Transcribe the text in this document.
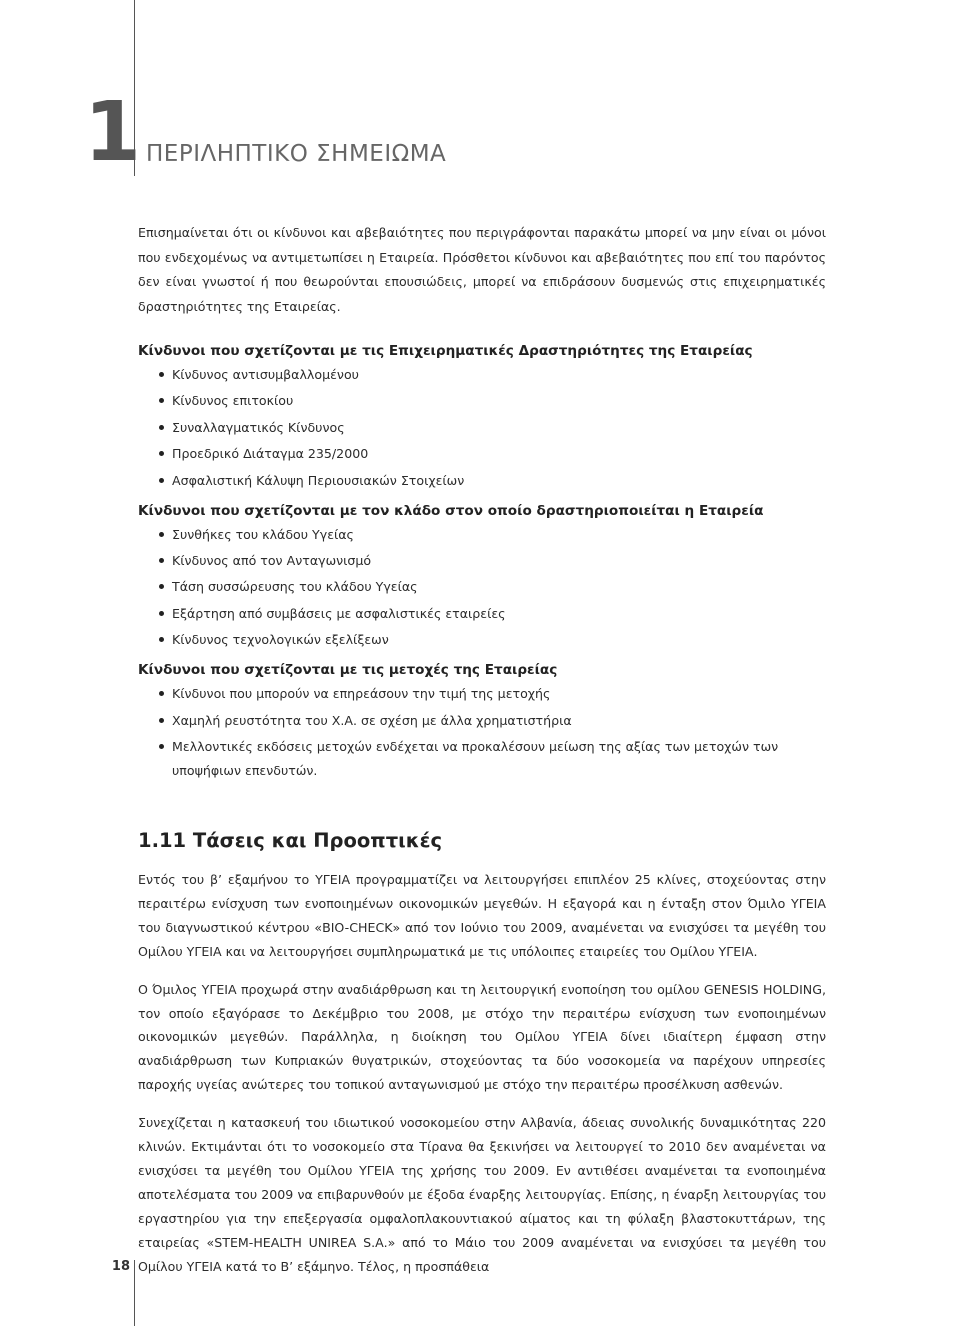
1 ΠΕΡΙΛΗΠΤΙΚΟ ΣΗΜΕΙΩΜΑ

Επισημαίνεται ότι οι κίνδυνοι και αβεβαιότητες που περιγράφονται παρακάτω μπορεί να μην είναι οι μόνοι που ενδεχομένως να αντιμετωπίσει η Εταιρεία. Πρόσθετοι κίνδυνοι και αβεβαιότητες που επί του παρόντος δεν είναι γνωστοί ή που θεωρούνται επουσιώδεις, μπορεί να επιδράσουν δυσμενώς στις επιχειρηματικές δραστηριότητες της Εταιρείας.

Κίνδυνοι που σχετίζονται με τις Επιχειρηματικές Δραστηριότητες της Εταιρείας
Κίνδυνος αντισυμβαλλομένου
Κίνδυνος επιτοκίου
Συναλλαγματικός Κίνδυνος
Προεδρικό Διάταγμα 235/2000
Ασφαλιστική Κάλυψη Περιουσιακών Στοιχείων
Κίνδυνοι που σχετίζονται με τον κλάδο στον οποίο δραστηριοποιείται η Εταιρεία
Συνθήκες του κλάδου Υγείας
Κίνδυνος από τον Ανταγωνισμό
Τάση συσσώρευσης του κλάδου Υγείας
Εξάρτηση από συμβάσεις με ασφαλιστικές εταιρείες
Κίνδυνος τεχνολογικών εξελίξεων
Κίνδυνοι που σχετίζονται με τις μετοχές της Εταιρείας
Κίνδυνοι που μπορούν να επηρεάσουν την τιμή της μετοχής
Χαμηλή ρευστότητα του Χ.Α. σε σχέση με άλλα χρηματιστήρια
Μελλοντικές εκδόσεις μετοχών ενδέχεται να προκαλέσουν μείωση της αξίας των μετοχών των υποψήφιων επενδυτών.
1.11 Τάσεις και Προοπτικές

Εντός του β’ εξαμήνου το ΥΓΕΙΑ προγραμματίζει να λειτουργήσει επιπλέον 25 κλίνες, στοχεύοντας στην περαιτέρω ενίσχυση των ενοποιημένων οικονομικών μεγεθών. Η εξαγορά και η ένταξη στον Όμιλο ΥΓΕΙΑ του διαγνωστικού κέντρου «BIO-CHECK» από τον Ιούνιο του 2009, αναμένεται να ενισχύσει τα μεγέθη του Ομίλου ΥΓΕΙΑ και να λειτουργήσει συμπληρωματικά με τις υπόλοιπες εταιρείες του Ομίλου ΥΓΕΙΑ.

Ο Όμιλος ΥΓΕΙΑ προχωρά στην αναδιάρθρωση και τη λειτουργική ενοποίηση του ομίλου GENESIS HOLDING, τον οποίο εξαγόρασε το Δεκέμβριο του 2008, με στόχο την περαιτέρω ενίσχυση των ενοποιημένων οικονομικών μεγεθών. Παράλληλα, η διοίκηση του Ομίλου ΥΓΕΙΑ δίνει ιδιαίτερη έμφαση στην αναδιάρθρωση των Κυπριακών θυγατρικών, στοχεύοντας τα δύο νοσοκομεία να παρέχουν υπηρεσίες παροχής υγείας ανώτερες του τοπικού ανταγωνισμού με στόχο την περαιτέρω προσέλκυση ασθενών.

Συνεχίζεται η κατασκευή του ιδιωτικού νοσοκομείου στην Αλβανία, άδειας συνολικής δυναμικότητας 220 κλινών. Εκτιμάνται ότι το νοσοκομείο στα Τίρανα θα ξεκινήσει να λειτουργεί το 2010 δεν αναμένεται να ενισχύσει τα μεγέθη του Ομίλου ΥΓΕΙΑ της χρήσης του 2009. Εν αντιθέσει αναμένεται τα ενοποιημένα αποτελέσματα του 2009 να επιβαρυνθούν με έξοδα έναρξης λειτουργίας. Επίσης, η έναρξη λειτουργίας του εργαστηρίου για την επεξεργασία ομφαλοπλακουντιακού αίματος και τη φύλαξη βλαστοκυττάρων, της εταιρείας «STEM-HEALTH UNIREA S.A.» από το Μάιο του 2009 αναμένεται να ενισχύσει τα μεγέθη του Ομίλου ΥΓΕΙΑ κατά το Β’ εξάμηνο. Τέλος, η προσπάθεια

18
